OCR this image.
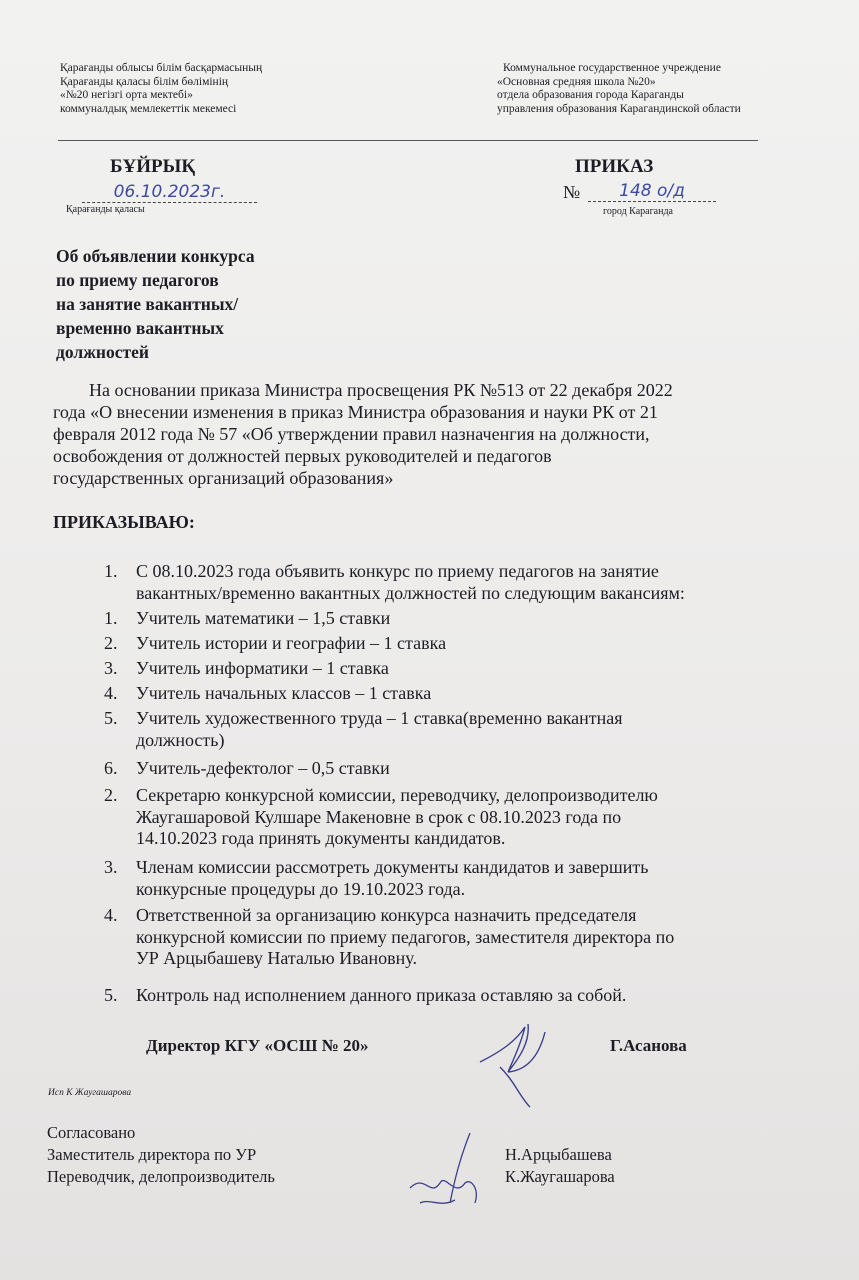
Қарағанды облысы білім басқармасының
Қарағанды қаласы білім бөлімінің
«№20 негізгі орта мектебі»
коммуналдық мемлекеттік мекемесі
Коммунальное государственное учреждение
«Основная средняя школа №20»
отдела образования города Караганды
управления образования Карагандинской области
БҰЙРЫҚ
06.10.2023г.
Қарағанды қаласы
ПРИКАЗ
№	148 о/д
город Караганда
Об объявлении конкурса
по приему педагогов
на занятие вакантных/
временно вакантных
должностей
На основании приказа Министра просвещения РК №513 от 22 декабря 2022
года «О внесении изменения в приказ Министра образования и науки РК от 21
февраля 2012 года № 57 «Об утверждении правил назначенгия на должности,
освобождения от должностей первых руководителей и педагогов
государственных организаций образования»
ПРИКАЗЫВАЮ:
1.	С 08.10.2023 года объявить конкурс по приему педагогов на занятие
вакантных/временно вакантных должностей по следующим вакансиям:
1.	Учитель математики – 1,5 ставки
2.	Учитель истории и географии – 1 ставка
3.	Учитель информатики – 1 ставка
4.	Учитель начальных классов – 1 ставка
5.	Учитель художественного труда – 1 ставка(временно вакантная
должность)
6.	Учитель-дефектолог – 0,5 ставки
2.	Секретарю конкурсной комиссии, переводчику, делопроизводителю
Жаугашаровой Кулшаре Макеновне в срок с 08.10.2023 года по
14.10.2023 года принять документы кандидатов.
3.	Членам комиссии рассмотреть документы кандидатов и завершить
конкурсные процедуры до 19.10.2023 года.
4.	Ответственной за организацию конкурса назначить председателя
конкурсной комиссии по приему педагогов, заместителя директора по
УР Арцыбашеву Наталью Ивановну.
5.	Контроль над исполнением данного приказа оставляю за собой.
Директор КГУ «ОСШ № 20»	Г.Асанова
Исп К Жаугашарова
Согласовано
Заместитель директора по УР	Н.Арцыбашева
Переводчик, делопроизводитель	К.Жаугашарова
